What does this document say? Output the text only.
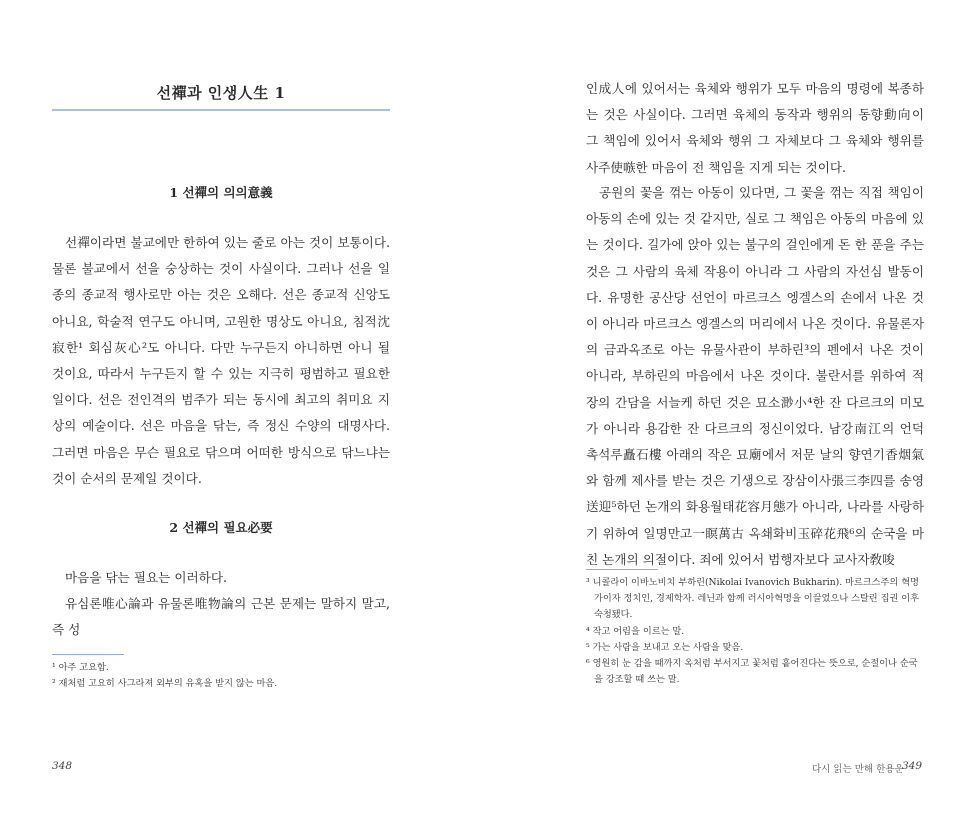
선禪과 인생人生 1
1 선禪의 의의意義

선禪이라면 불교에만 한하여 있는 줄로 아는 것이 보통이다. 물론 불교에서 선을 숭상하는 것이 사실이다. 그러나 선을 일종의 종교적 행사로만 아는 것은 오해다. 선은 종교적 신앙도 아니요, 학술적 연구도 아니며, 고원한 명상도 아니요, 침적沈寂한¹ 회심灰心²도 아니다. 다만 누구든지 아니하면 아니 될 것이요, 따라서 누구든지 할 수 있는 지극히 평범하고 필요한 일이다. 선은 전인격의 범주가 되는 동시에 최고의 취미요 지상의 예술이다. 선은 마음을 닦는, 즉 정신 수양의 대명사다. 그러면 마음은 무슨 필요로 닦으며 어떠한 방식으로 닦느냐는 것이 순서의 문제일 것이다.

2 선禪의 필요必要

마음을 닦는 필요는 이러하다.

유심론唯心論과 유물론唯物論의 근본 문제는 말하지 말고, 즉 성

¹ 아주 고요함.
² 재처럼 고요히 사그라져 외부의 유혹을 받지 않는 마음.
348

인成人에 있어서는 육체와 행위가 모두 마음의 명령에 복종하는 것은 사실이다. 그러면 육체의 동작과 행위의 동향動向이 그 책임에 있어서 육체와 행위 그 자체보다 그 육체와 행위를 사주使嗾한 마음이 전 책임을 지게 되는 것이다.

공원의 꽃을 꺾는 아동이 있다면, 그 꽃을 꺾는 직접 책임이 아동의 손에 있는 것 같지만, 실로 그 책임은 아동의 마음에 있는 것이다. 길가에 앉아 있는 불구의 걸인에게 돈 한 푼을 주는 것은 그 사람의 육체 작용이 아니라 그 사람의 자선심 발동이다. 유명한 공산당 선언이 마르크스 엥겔스의 손에서 나온 것이 아니라 마르크스 엥겔스의 머리에서 나온 것이다. 유물론자의 금과옥조로 아는 유물사관이 부하린³의 펜에서 나온 것이 아니라, 부하린의 마음에서 나온 것이다. 불란서를 위하여 적장의 간담을 서늘케 하던 것은 묘소渺小⁴한 잔 다르크의 미모가 아니라 용감한 잔 다르크의 정신이었다. 남강南江의 언덕 촉석루矗石樓 아래의 작은 묘廟에서 저문 날의 향연기香烟氣와 함께 제사를 받는 것은 기생으로 장삼이사張三李四를 송영送迎⁵하던 논개의 화용월태花容月態가 아니라, 나라를 사랑하기 위하여 일명만고一瞑萬古 옥쇄화비玉碎花飛⁶의 순국을 마친 논개의 의절이다. 죄에 있어서 범행자보다 교사자敎唆

³ 니콜라이 이바노비치 부하린(Nikolai Ivanovich Bukharin). 마르크스주의 혁명가이자 정치인, 경제학자. 레닌과 함께 러시아혁명을 이끌었으나 스탈린 집권 이후 숙청됐다.
⁴ 작고 어림을 이르는 말.
⁵ 가는 사람을 보내고 오는 사람을 맞음.
⁶ 영원히 눈 감을 때까지 옥처럼 부서지고 꽃처럼 흩어진다는 뜻으로, 순절이나 순국을 강조할 때 쓰는 말.
다시 읽는 만해 한용운
349
